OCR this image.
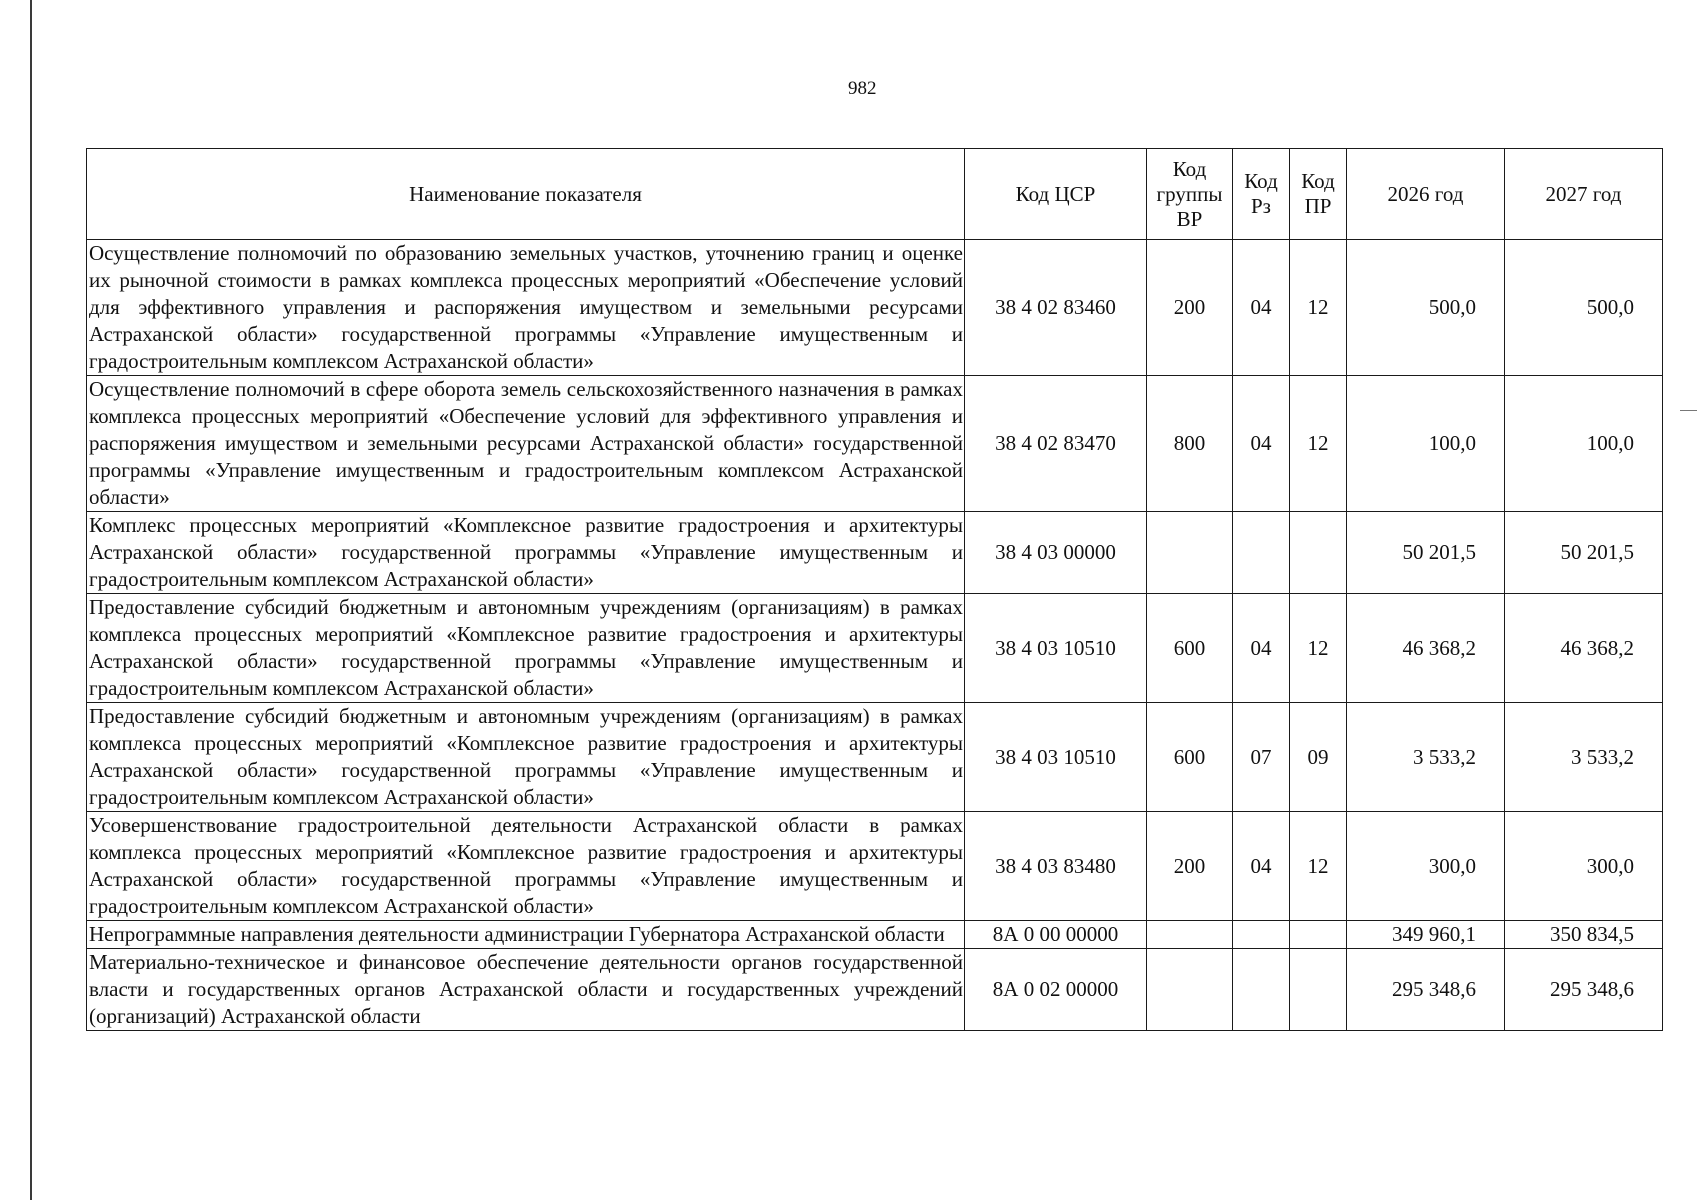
982
Наименование показателя	Код ЦСР	Код группы ВР	Код Рз	Код ПР	2026 год	2027 год
Осуществление полномочий по образованию земельных участков, уточнению границ и оценке их рыночной стоимости в рамках комплекса процессных мероприятий «Обеспечение условий для эффективного управления и распоряжения имуществом и земельными ресурсами Астраханской области» государственной программы «Управление имущественным и градостроительным комплексом Астраханской области»	38 4 02 83460	200	04	12	500,0	500,0
Осуществление полномочий в сфере оборота земель сельскохозяйственного назначения в рамках комплекса процессных мероприятий «Обеспечение условий для эффективного управления и распоряжения имуществом и земельными ресурсами Астраханской области» государственной программы «Управление имущественным и градостроительным комплексом Астраханской области»	38 4 02 83470	800	04	12	100,0	100,0
Комплекс процессных мероприятий «Комплексное развитие градостроения и архитектуры Астраханской области» государственной программы «Управление имущественным и градостроительным комплексом Астраханской области»	38 4 03 00000				50 201,5	50 201,5
Предоставление субсидий бюджетным и автономным учреждениям (организациям) в рамках комплекса процессных мероприятий «Комплексное развитие градостроения и архитектуры Астраханской области» государственной программы «Управление имущественным и градостроительным комплексом Астраханской области»	38 4 03 10510	600	04	12	46 368,2	46 368,2
Предоставление субсидий бюджетным и автономным учреждениям (организациям) в рамках комплекса процессных мероприятий «Комплексное развитие градостроения и архитектуры Астраханской области» государственной программы «Управление имущественным и градостроительным комплексом Астраханской области»	38 4 03 10510	600	07	09	3 533,2	3 533,2
Усовершенствование градостроительной деятельности Астраханской области в рамках комплекса процессных мероприятий «Комплексное развитие градостроения и архитектуры Астраханской области» государственной программы «Управление имущественным и градостроительным комплексом Астраханской области»	38 4 03 83480	200	04	12	300,0	300,0
Непрограммные направления деятельности администрации Губернатора Астраханской области	8А 0 00 00000				349 960,1	350 834,5
Материально-техническое и финансовое обеспечение деятельности органов государственной власти и государственных органов Астраханской области и государственных учреждений (организаций) Астраханской области	8А 0 02 00000				295 348,6	295 348,6
